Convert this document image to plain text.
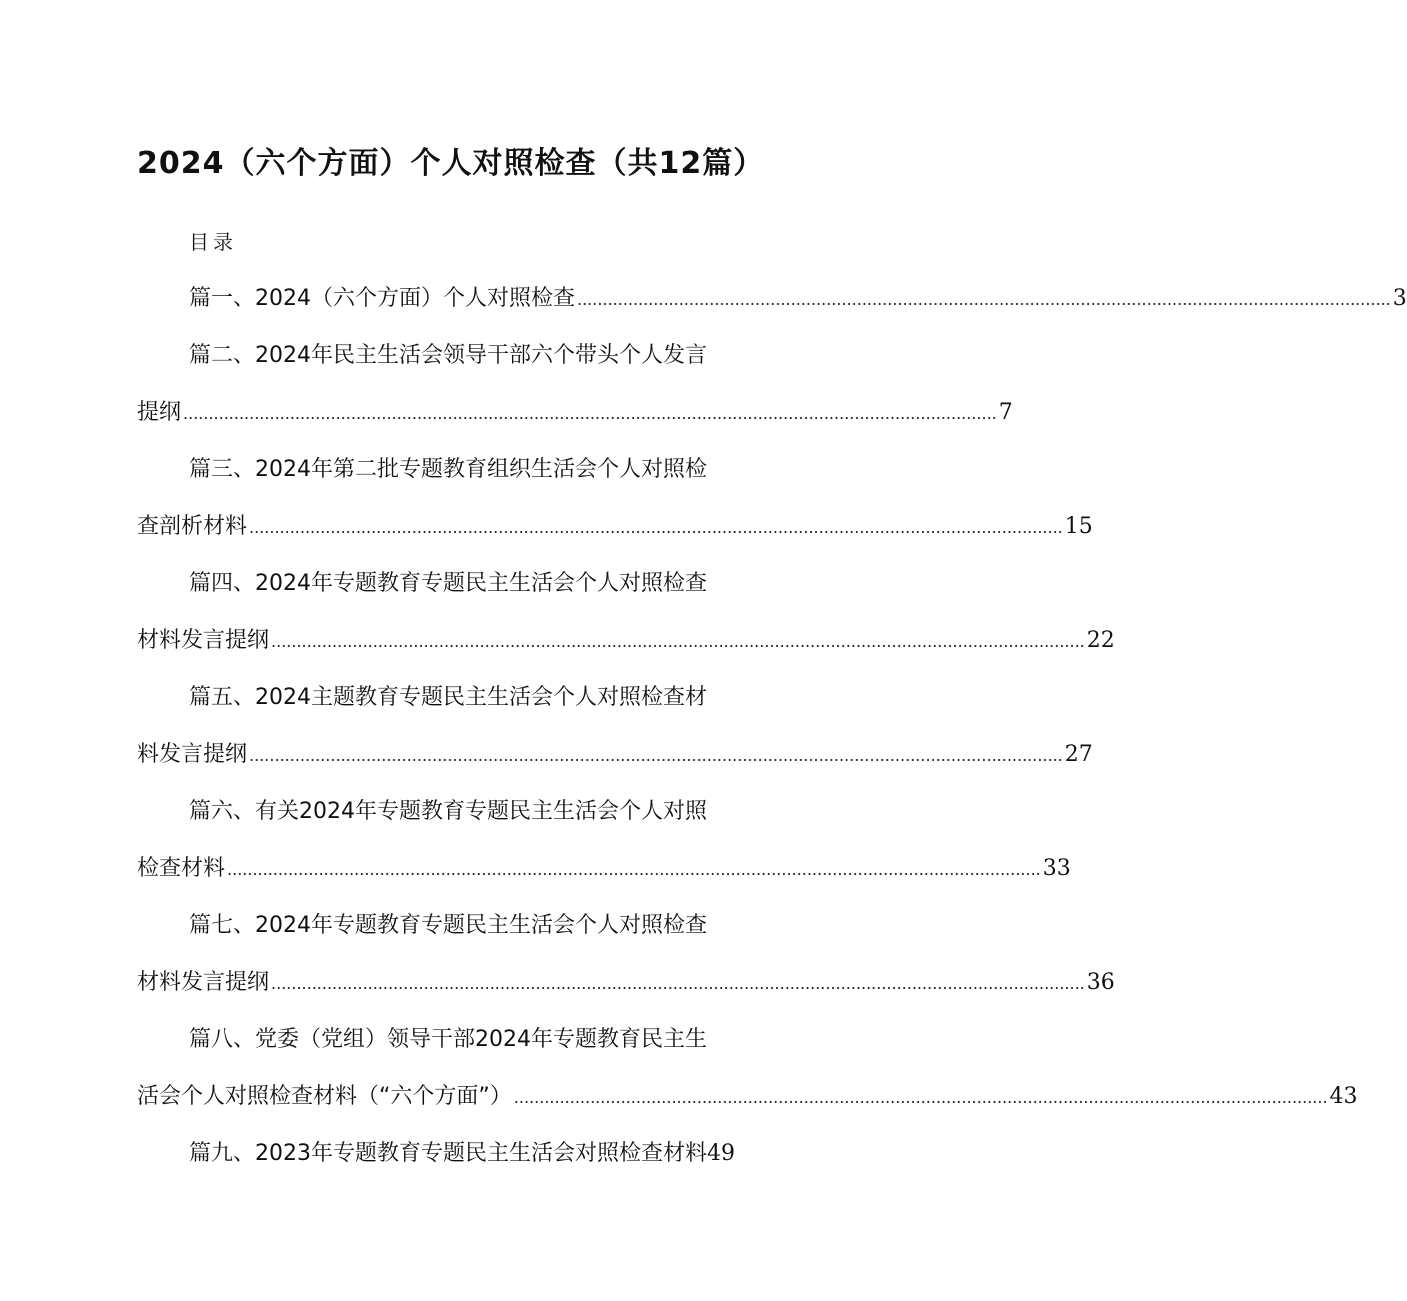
2024（六个方面）个人对照检查（共12篇）
目录
篇一、2024（六个方面）个人对照检查 ................................................................................................................................................................ 3
篇二、2024年民主生活会领导干部六个带头个人发言
提纲 ................................................................................................................................................................ 7
篇三、2024年第二批专题教育组织生活会个人对照检
查剖析材料 ................................................................................................................................................................ 15
篇四、2024年专题教育专题民主生活会个人对照检查
材料发言提纲 ................................................................................................................................................................ 22
篇五、2024主题教育专题民主生活会个人对照检查材
料发言提纲 ................................................................................................................................................................ 27
篇六、有关2024年专题教育专题民主生活会个人对照
检查材料 ................................................................................................................................................................ 33
篇七、2024年专题教育专题民主生活会个人对照检查
材料发言提纲 ................................................................................................................................................................ 36
篇八、党委（党组）领导干部2024年专题教育民主生
活会个人对照检查材料（“六个方面”） ................................................................................................................................................................ 43
篇九、2023年专题教育专题民主生活会对照检查材料 49
